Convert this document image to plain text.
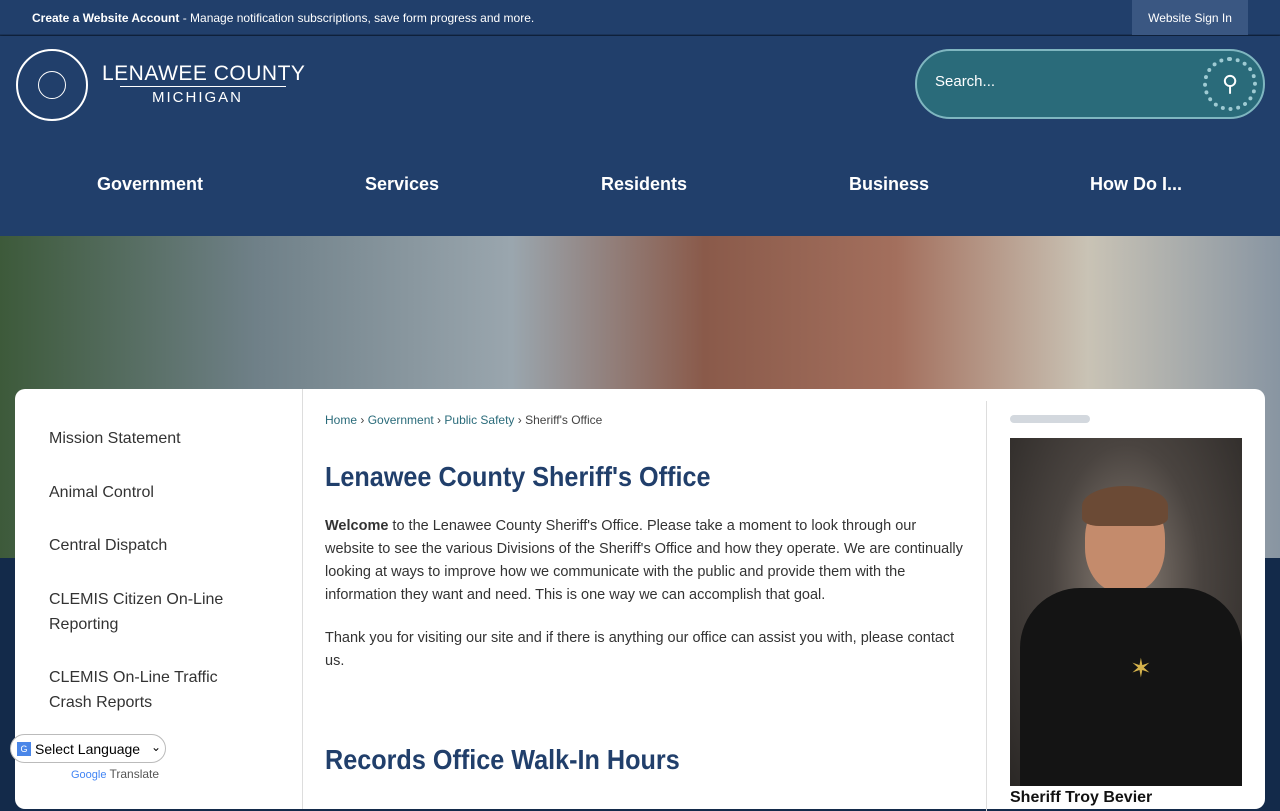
Create a Website Account - Manage notification subscriptions, save form progress and more.	Website Sign In
LENAWEE COUNTY
MICHIGAN
Search...
⚲
Government	Services	Residents	Business	How Do I...
Mission Statement
Animal Control
Central Dispatch
CLEMIS Citizen On-Line Reporting
CLEMIS On-Line Traffic Crash Reports
Home › Government › Public Safety › Sheriff's Office
Lenawee County Sheriff's Office
Welcome to the Lenawee County Sheriff's Office. Please take a moment to look through our website to see the various Divisions of the Sheriff's Office and how they operate. We are continually looking at ways to improve how we communicate with the public and provide them with the information they want and need. This is one way we can accomplish that goal.
Thank you for visiting our site and if there is anything our office can assist you with, please contact us.
Records Office Walk-In Hours
✶
Sheriff Troy Bevier
G Select Language ⌄
Google Translate
